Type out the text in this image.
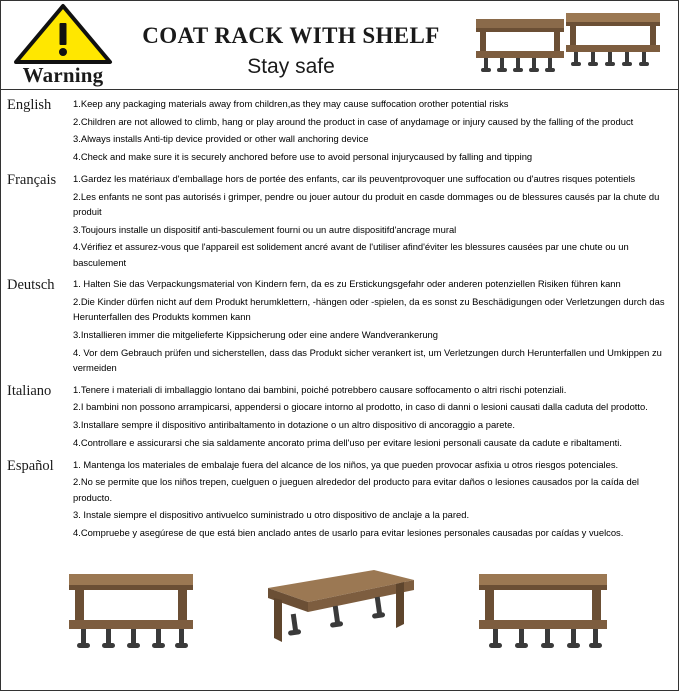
Warning
COAT RACK WITH SHELF
Stay safe
English	1.Keep any packaging materials away from children,as they may cause suffocation orother potential risks

2.Children are not allowed to climb, hang or play around the product in case of anydamage or injury caused by the falling of the product

3.Always installs Anti-tip device provided or other wall anchoring device

4.Check and make sure it is securely anchored before use to avoid personal injurycaused by falling and tipping

Français	1.Gardez les matériaux d'emballage hors de portée des enfants, car ils peuventprovoquer une suffocation ou d'autres risques potentiels

2.Les enfants ne sont pas autorisés i grimper, pendre ou jouer autour du produit en casde dommages ou de blessures causés par la chute du produit

3.Toujours installe un dispositif anti-basculement fourni ou un autre dispositifd'ancrage mural

4.Vérifiez et assurez-vous que l'appareil est solidement ancré avant de l'utiliser afind'éviter les blessures causées par une chute ou un basculement

Deutsch	1. Halten Sie das Verpackungsmaterial von Kindern fern, da es zu Erstickungsgefahr oder anderen potenziellen Risiken führen kann

2.Die Kinder dürfen nicht auf dem Produkt herumklettern, -hängen oder -spielen, da es sonst zu Beschädigungen oder Verletzungen durch das Herunterfallen des Produkts kommen kann

3.Installieren immer die mitgelieferte Kippsicherung oder eine andere Wandverankerung

4. Vor dem Gebrauch prüfen und sicherstellen, dass das Produkt sicher verankert ist, um Verletzungen durch Herunterfallen und Umkippen zu vermeiden

Italiano	1.Tenere i materiali di imballaggio lontano dai bambini, poiché potrebbero causare soffocamento o altri rischi potenziali.

2.I bambini non possono arrampicarsi, appendersi o giocare intorno al prodotto, in caso di danni o lesioni causati dalla caduta del prodotto.

3.Installare sempre il dispositivo antiribaltamento in dotazione o un altro dispositivo di ancoraggio a parete.

4.Controllare e assicurarsi che sia saldamente ancorato prima dell'uso per evitare lesioni personali causate da cadute e ribaltamenti.

Español	1. Mantenga los materiales de embalaje fuera del alcance de los niños, ya que pueden provocar asfixia u otros riesgos potenciales.

2.No se permite que los niños trepen, cuelguen o jueguen alrededor del producto para evitar daños o lesiones causados por la caída del producto.

3. Instale siempre el dispositivo antivuelco suministrado u otro dispositivo de anclaje a la pared.

4.Compruebe y asegúrese de que está bien anclado antes de usarlo para evitar lesiones personales causadas por caídas y vuelcos.
